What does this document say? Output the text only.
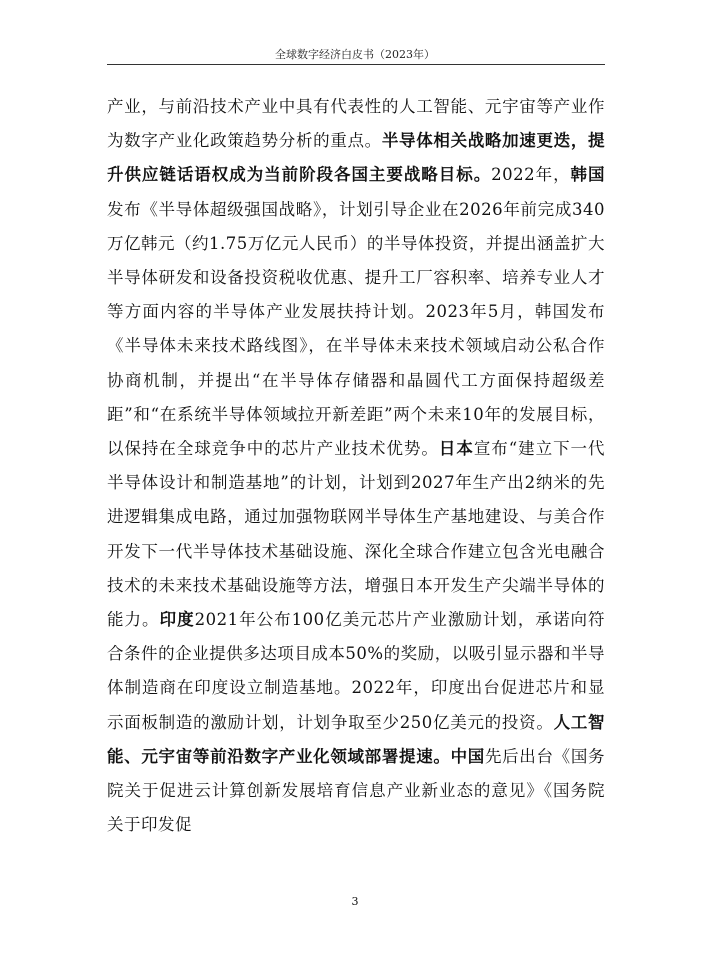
全球数字经济白皮书（2023年）

产业，与前沿技术产业中具有代表性的人工智能、元宇宙等产业作为数字产业化政策趋势分析的重点。半导体相关战略加速更迭，提升供应链话语权成为当前阶段各国主要战略目标。2022年，韩国发布《半导体超级强国战略》，计划引导企业在2026年前完成340万亿韩元（约1.75万亿元人民币）的半导体投资，并提出涵盖扩大半导体研发和设备投资税收优惠、提升工厂容积率、培养专业人才等方面内容的半导体产业发展扶持计划。2023年5月，韩国发布《半导体未来技术路线图》，在半导体未来技术领域启动公私合作协商机制，并提出“在半导体存储器和晶圆代工方面保持超级差距”和“在系统半导体领域拉开新差距”两个未来10年的发展目标，以保持在全球竞争中的芯片产业技术优势。日本宣布“建立下一代半导体设计和制造基地”的计划，计划到2027年生产出2纳米的先进逻辑集成电路，通过加强物联网半导体生产基地建设、与美合作开发下一代半导体技术基础设施、深化全球合作建立包含光电融合技术的未来技术基础设施等方法，增强日本开发生产尖端半导体的能力。印度2021年公布100亿美元芯片产业激励计划，承诺向符合条件的企业提供多达项目成本50%的奖励，以吸引显示器和半导体制造商在印度设立制造基地。2022年，印度出台促进芯片和显示面板制造的激励计划，计划争取至少250亿美元的投资。人工智能、元宇宙等前沿数字产业化领域部署提速。中国先后出台《国务院关于促进云计算创新发展培育信息产业新业态的意见》《国务院关于印发促

3
